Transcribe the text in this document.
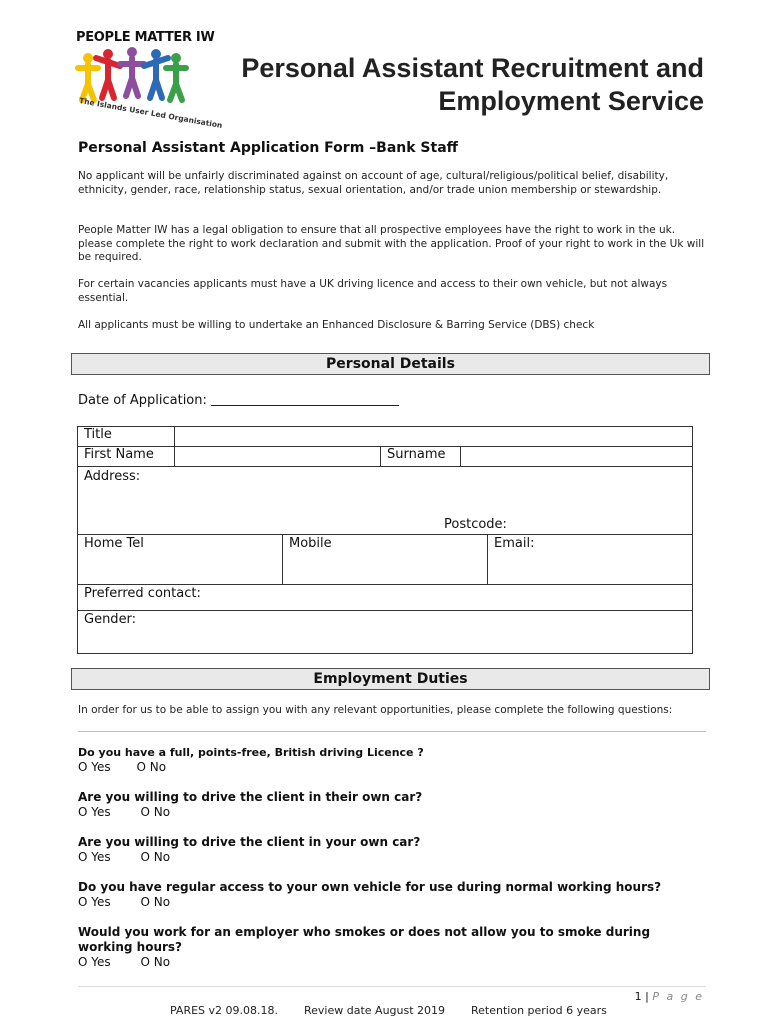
PEOPLE MATTER IW
The Islands User Led Organisation
Personal Assistant Recruitment and
Employment Service
Personal Assistant Application Form –Bank Staff
No applicant will be unfairly discriminated against on account of age, cultural/religious/political belief, disability, ethnicity, gender, race, relationship status, sexual orientation, and/or trade union membership or stewardship.
People Matter IW has a legal obligation to ensure that all prospective employees have the right to work in the uk. please complete the right to work declaration and submit with the application. Proof of your right to work in the Uk will be required.
For certain vacancies applicants must have a UK driving licence and access to their own vehicle, but not always essential.
All applicants must be willing to undertake an Enhanced Disclosure & Barring Service (DBS) check
Personal Details
Date of Application:
Title
First Name	Surname
Address:
Postcode:
Home Tel	Mobile	Email:
Preferred contact:
Gender:
Employment Duties
In order for us to be able to assign you with any relevant opportunities, please complete the following questions:
Do you have a full, points-free, British driving Licence ?
O Yes O No
Are you willing to drive the client in their own car?
O Yes O No
Are you willing to drive the client in your own car?
O Yes O No
Do you have regular access to your own vehicle for use during normal working hours?
O Yes O No
Would you work for an employer who smokes or does not allow you to smoke during working hours?
O Yes O No
1 | P a g e
PARES v2 09.08.18. Review date August 2019 Retention period 6 years
